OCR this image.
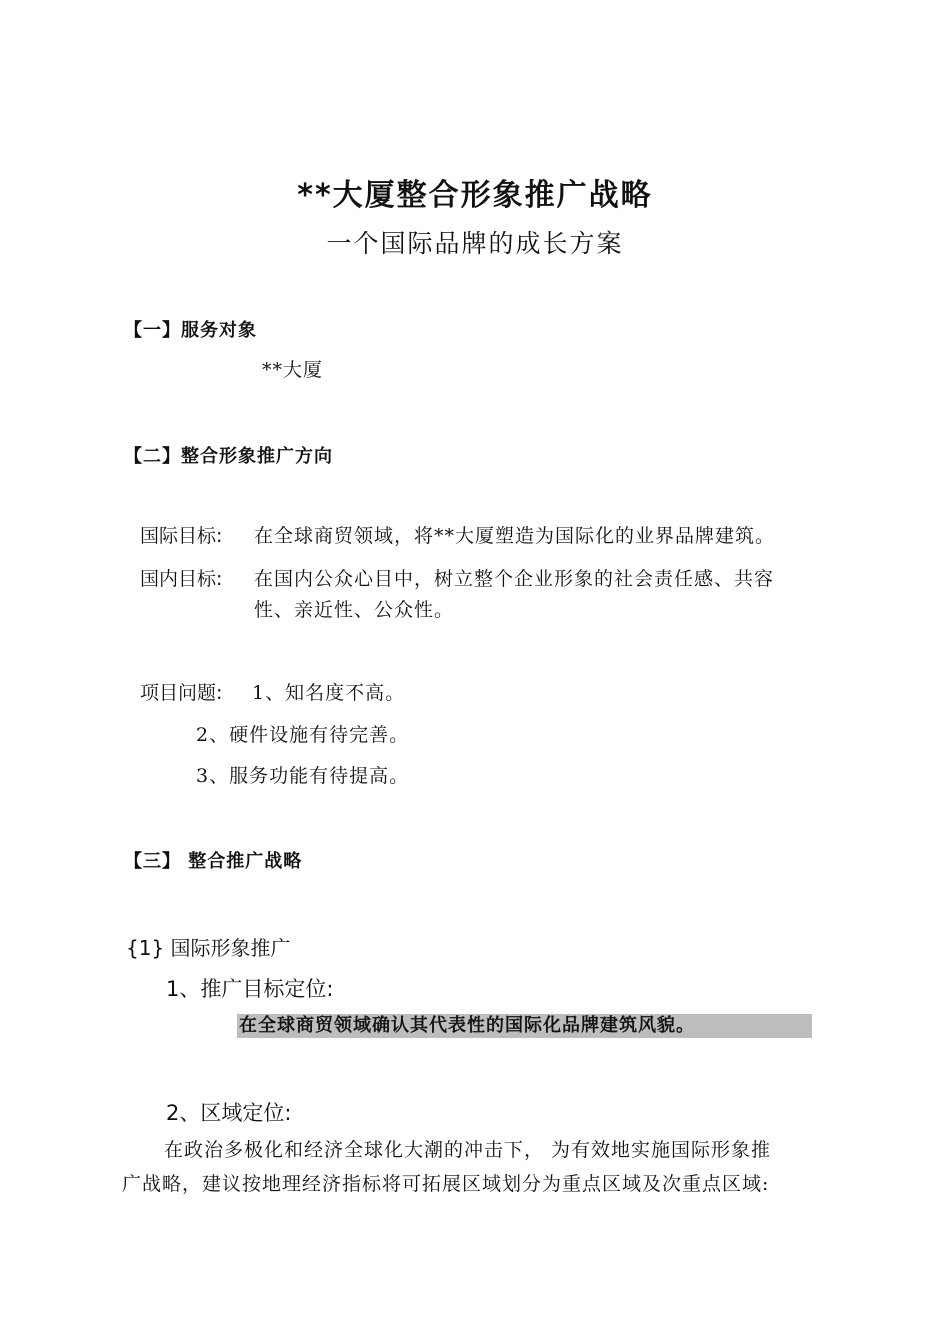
**大厦整合形象推广战略
一个国际品牌的成长方案
【一】服务对象
**大厦
【二】整合形象推广方向
国际目标: 在全球商贸领域，将**大厦塑造为国际化的业界品牌建筑。
国内目标: 在国内公众心目中，树立整个企业形象的社会责任感、共容
性、亲近性、公众性。
项目问题: 1、知名度不高。
2、硬件设施有待完善。
3、服务功能有待提高。
【三】 整合推广战略
{1} 国际形象推广
1、推广目标定位:
在全球商贸领域确认其代表性的国际化品牌建筑风貌。
2、区域定位:
在政治多极化和经济全球化大潮的冲击下， 为有效地实施国际形象推
广战略，建议按地理经济指标将可拓展区域划分为重点区域及次重点区域:
